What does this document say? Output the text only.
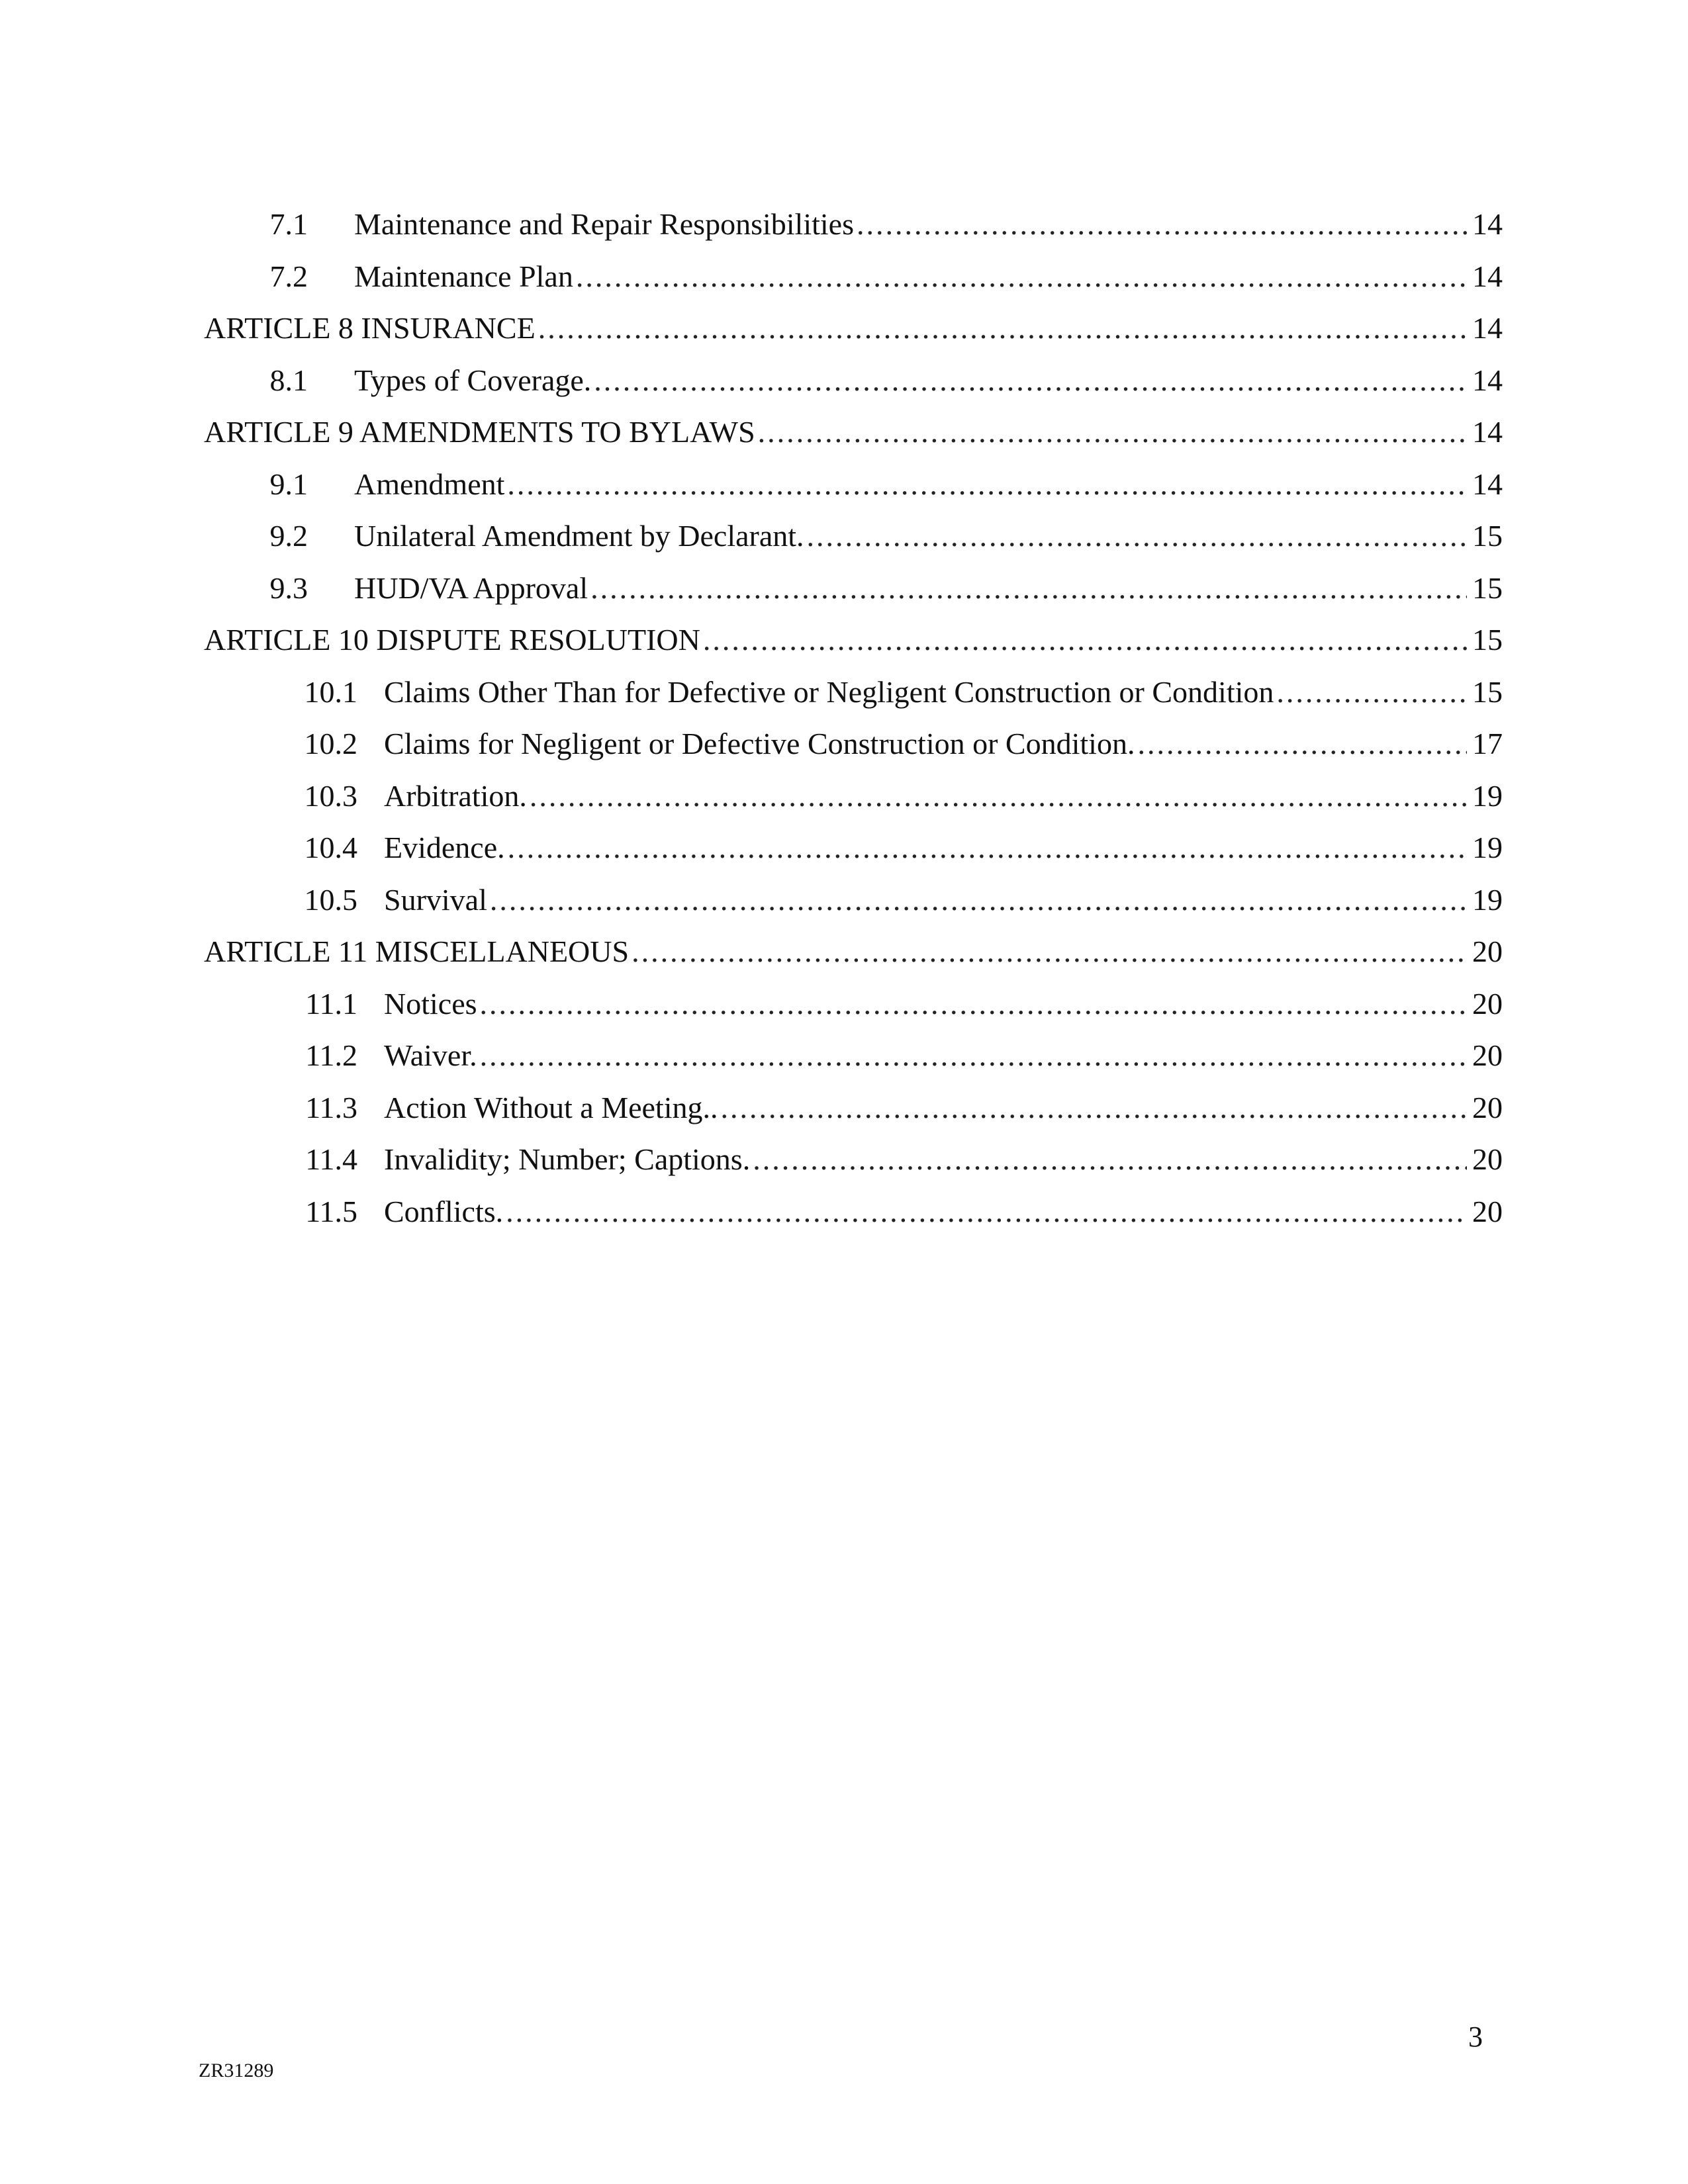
7.1 Maintenance and Repair Responsibilities .....	14
7.2 Maintenance Plan .....	14
ARTICLE 8 INSURANCE .....	14
8.1 Types of Coverage. .....	14
ARTICLE 9 AMENDMENTS TO BYLAWS .....	14
9.1 Amendment .....	14
9.2 Unilateral Amendment by Declarant. .....	15
9.3 HUD/VA Approval .....	15
ARTICLE 10 DISPUTE RESOLUTION .....	15
10.1 Claims Other Than for Defective or Negligent Construction or Condition .....	15
10.2 Claims for Negligent or Defective Construction or Condition. .....	17
10.3 Arbitration. .....	19
10.4 Evidence. .....	19
10.5 Survival .....	19
ARTICLE 11 MISCELLANEOUS .....	20
11.1 Notices .....	20
11.2 Waiver. .....	20
11.3 Action Without a Meeting.. .....	20
11.4 Invalidity; Number; Captions. .....	20
11.5 Conflicts. .....	20
ZR31289
3
